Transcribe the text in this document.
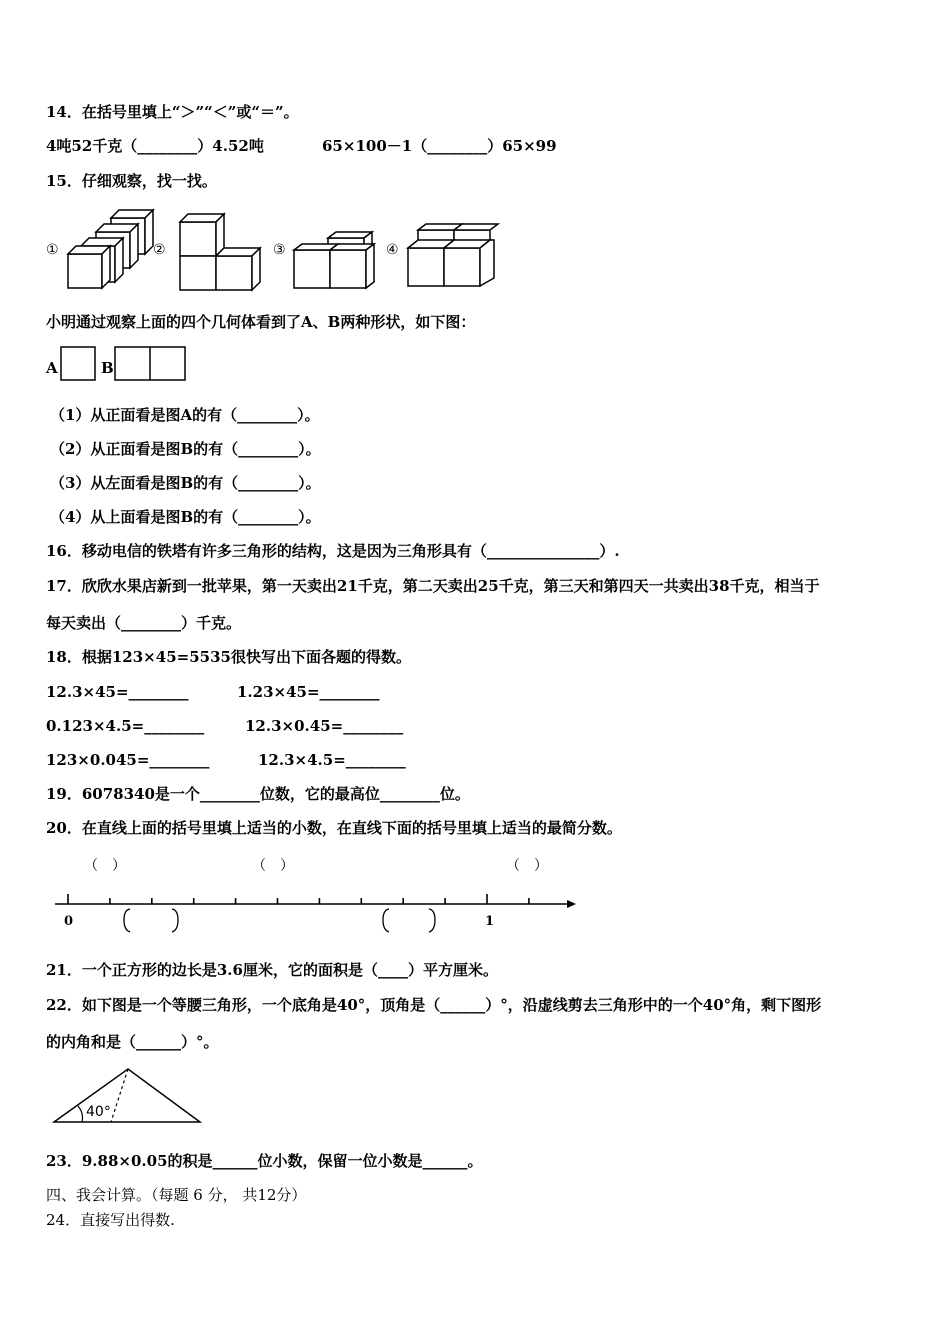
14．在括号里填上“＞”“＜”或“＝”。
4吨52千克（________）4.52吨	65×100－1（________）65×99
15．仔细观察，找一找。
①	②	③	④
小明通过观察上面的四个几何体看到了A、B两种形状，如下图：
A	B
（1）从正面看是图A的有（________）。
（2）从正面看是图B的有（________）。
（3）从左面看是图B的有（________）。
（4）从上面看是图B的有（________）。
16．移动电信的铁塔有许多三角形的结构，这是因为三角形具有（_______________）.
17．欣欣水果店新到一批苹果，第一天卖出21千克，第二天卖出25千克，第三天和第四天一共卖出38千克，相当于
每天卖出（________）千克。
18．根据123×45=5535很快写出下面各题的得数。
12.3×45=________	1.23×45=________
0.123×4.5=________	12.3×0.45=________
123×0.045=________	12.3×4.5=________
19．6078340是一个________位数，它的最高位________位。
20．在直线上面的括号里填上适当的小数，在直线下面的括号里填上适当的最简分数。
（　）	（　）	（　）
0	1
21．一个正方形的边长是3.6厘米，它的面积是（____）平方厘米。
22．如下图是一个等腰三角形，一个底角是40°，顶角是（______）°，沿虚线剪去三角形中的一个40°角，剩下图形
的内角和是（______）°。
40°
23．9.88×0.05的积是______位小数，保留一位小数是______。
四、我会计算。（每题 6 分， 共12分）
24．直接写出得数.
